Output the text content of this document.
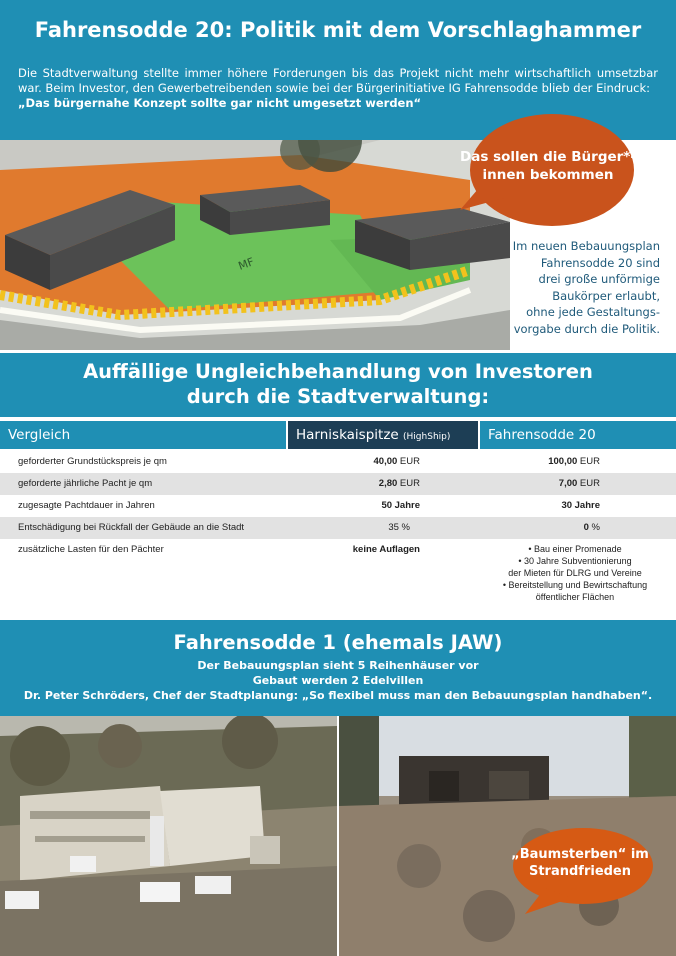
Fahrensodde 20: Politik mit dem Vorschlaghammer
Die Stadtverwaltung stellte immer höhere Forderungen bis das Projekt nicht mehr wirtschaftlich umsetzbar war. Beim Investor, den Gewerbetreibenden sowie bei der Bürgerinitiative IG Fahrensodde blieb der Eindruck:
„Das bürgernahe Konzept sollte gar nicht umgesetzt werden“
MF
Das sollen die Bürger*-
innen bekommen
Im neuen Bebauungsplan
Fahrensodde 20 sind
drei große unförmige
Baukörper erlaubt,
ohne jede Gestaltungs-
vorgabe durch die Politik.
Auffällige Ungleichbehandlung von Investoren
durch die Stadtverwaltung:
Vergleich	Harniskaispitze (HighShip)	Fahrensodde 20
geforderter Grundstückspreis je qm	40,00 EUR	100,00 EUR
geforderte jährliche Pacht je qm	2,80 EUR	7,00 EUR
zugesagte Pachtdauer in Jahren	50 Jahre	30 Jahre
Entschädigung bei Rückfall der Gebäude an die Stadt	35 %	0 %
zusätzliche Lasten für den Pächter	keine Auflagen	• Bau einer Promenade
• 30 Jahre Subventionierung
der Mieten für DLRG und Vereine
• Bereitstellung und Bewirtschaftung
öffentlicher Flächen
Fahrensodde 1 (ehemals JAW)
Der Bebauungsplan sieht 5 Reihenhäuser vor
Gebaut werden 2 Edelvillen
Dr. Peter Schröders, Chef der Stadtplanung: „So flexibel muss man den Bebauungsplan handhaben“.
„Baumsterben“ im
Strandfrieden
